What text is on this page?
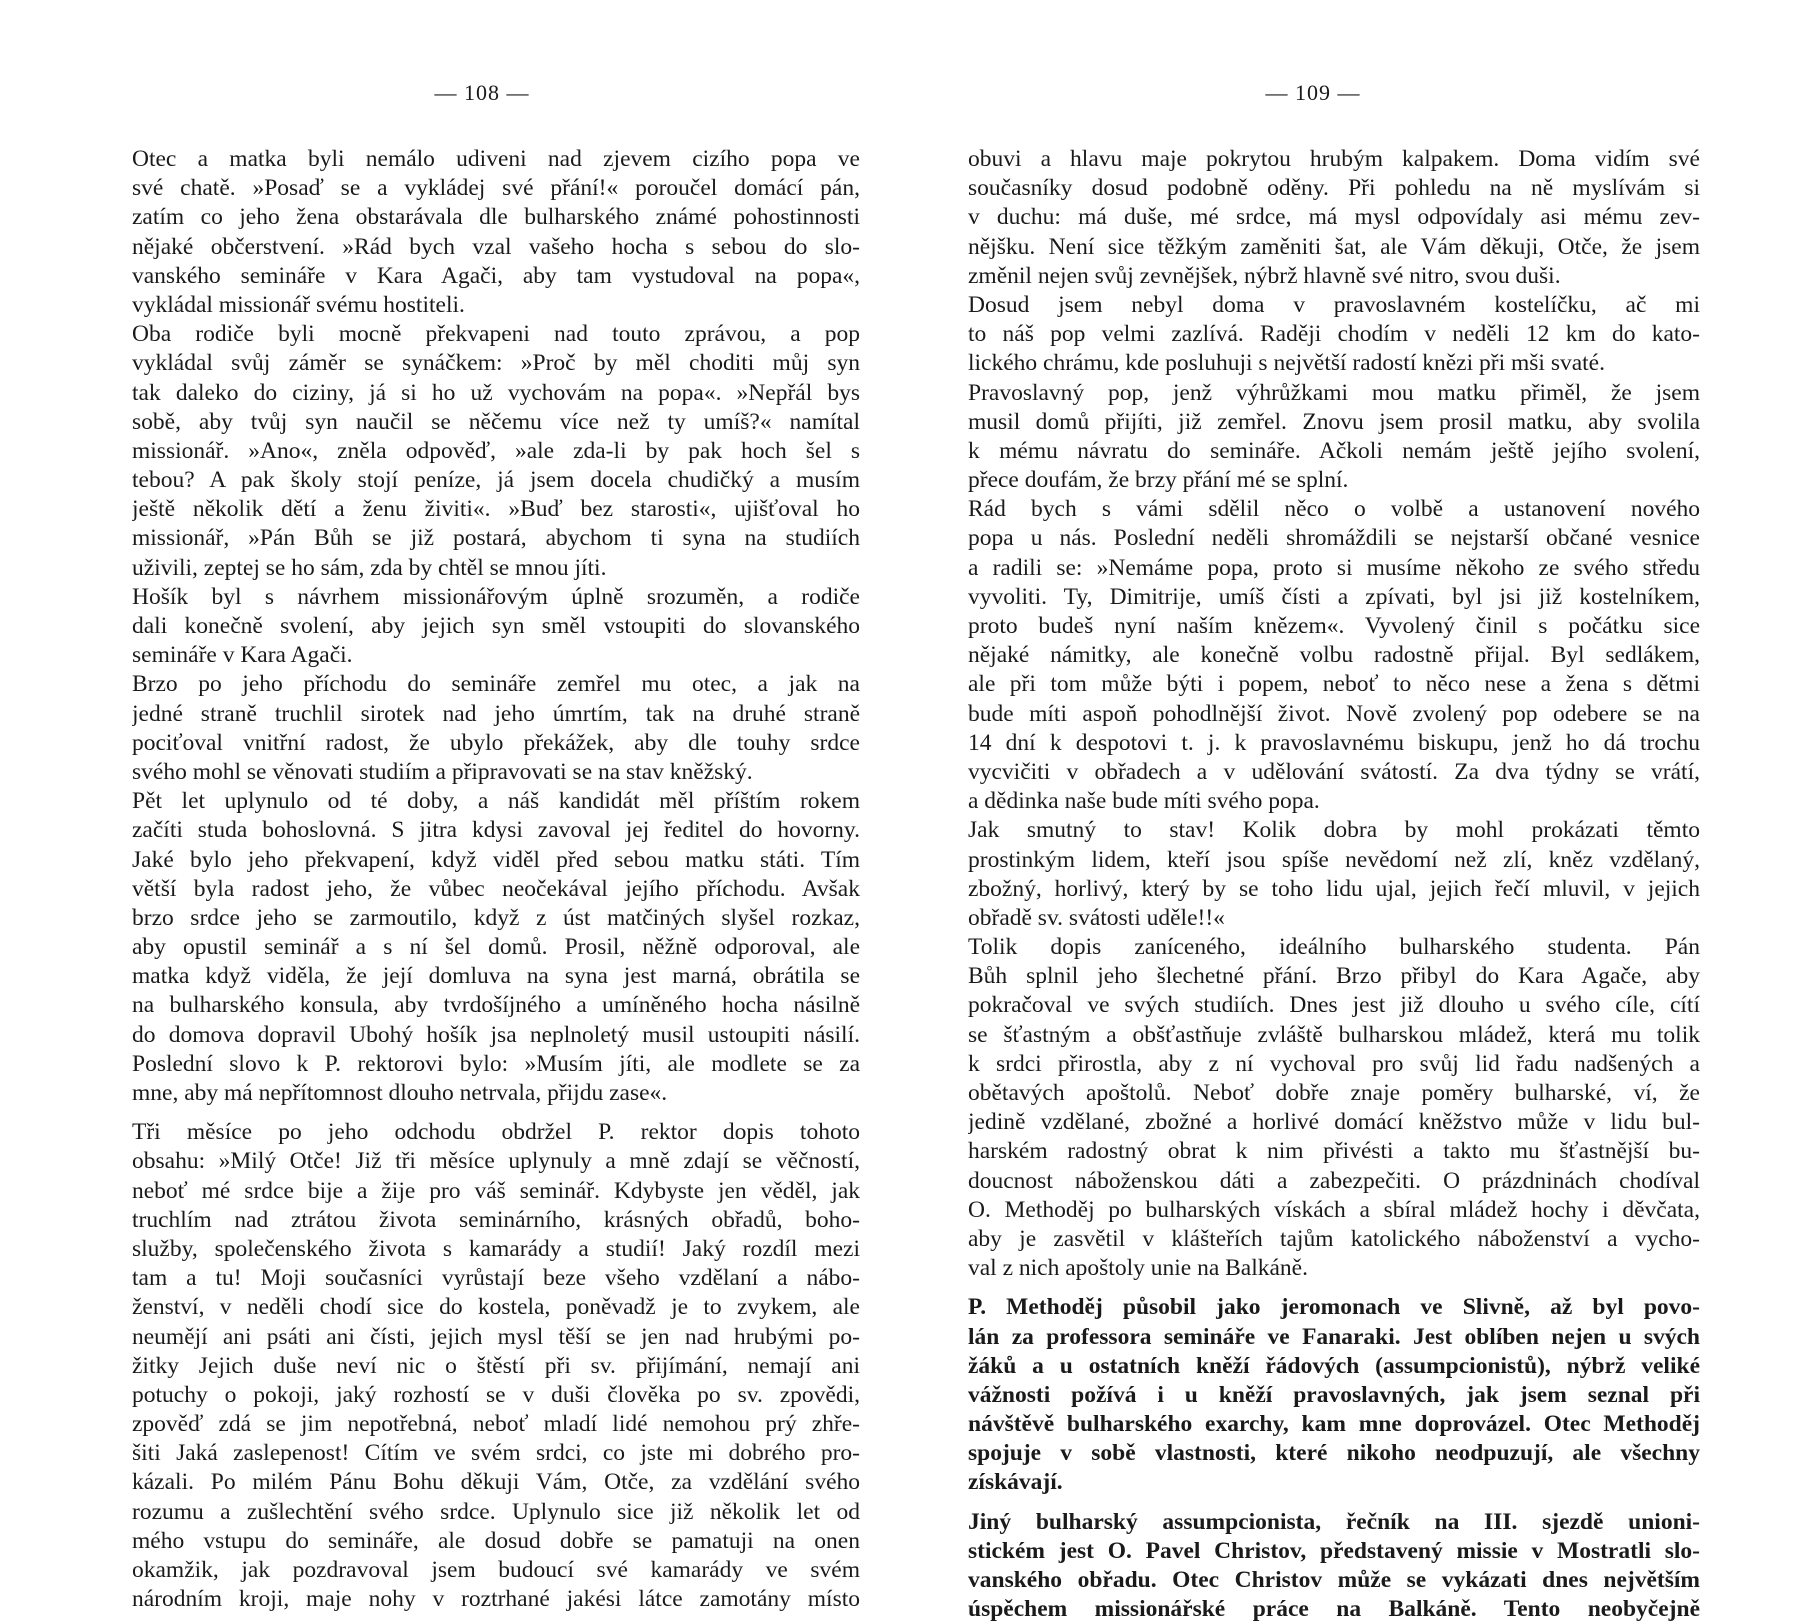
— 108 —
Otec a matka byli nemálo udiveni nad zjevem cizího popa ve
své chatě. »Posaď se a vykládej své přání!« poroučel domácí pán,
zatím co jeho žena obstarávala dle bulharského známé pohostinnosti
nějaké občerstvení. »Rád bych vzal vašeho hocha s sebou do slo-
vanského semináře v Kara Agači, aby tam vystudoval na popa«,
vykládal missionář svému hostiteli.
Oba rodiče byli mocně překvapeni nad touto zprávou, a pop
vykládal svůj záměr se synáčkem: »Proč by měl choditi můj syn
tak daleko do ciziny, já si ho už vychovám na popa«. »Nepřál bys
sobě, aby tvůj syn naučil se něčemu více než ty umíš?« namítal
missionář. »Ano«, zněla odpověď, »ale zda-li by pak hoch šel s
tebou? A pak školy stojí peníze, já jsem docela chudičký a musím
ještě několik dětí a ženu živiti«. »Buď bez starosti«, ujišťoval ho
missionář, »Pán Bůh se již postará, abychom ti syna na studiích
uživili, zeptej se ho sám, zda by chtěl se mnou jíti.
Hošík byl s návrhem missionářovým úplně srozuměn, a rodiče
dali konečně svolení, aby jejich syn směl vstoupiti do slovanského
semináře v Kara Agači.
Brzo po jeho příchodu do semináře zemřel mu otec, a jak na
jedné straně truchlil sirotek nad jeho úmrtím, tak na druhé straně
pociťoval vnitřní radost, že ubylo překážek, aby dle touhy srdce
svého mohl se věnovati studiím a připravovati se na stav kněžský.
Pět let uplynulo od té doby, a náš kandidát měl příštím rokem
začíti studa bohoslovná. S jitra kdysi zavoval jej ředitel do hovorny.
Jaké bylo jeho překvapení, když viděl před sebou matku státi. Tím
větší byla radost jeho, že vůbec neočekával jejího příchodu. Avšak
brzo srdce jeho se zarmoutilo, když z úst matčiných slyšel rozkaz,
aby opustil seminář a s ní šel domů. Prosil, něžně odporoval, ale
matka když viděla, že její domluva na syna jest marná, obrátila se
na bulharského konsula, aby tvrdošíjného a umíněného hocha násilně
do domova dopravil Ubohý hošík jsa neplnoletý musil ustoupiti násilí.
Poslední slovo k P. rektorovi bylo: »Musím jíti, ale modlete se za
mne, aby má nepřítomnost dlouho netrvala, přijdu zase«.
Tři měsíce po jeho odchodu obdržel P. rektor dopis tohoto
obsahu: »Milý Otče! Již tři měsíce uplynuly a mně zdají se věčností,
neboť mé srdce bije a žije pro váš seminář. Kdybyste jen věděl, jak
truchlím nad ztrátou života seminárního, krásných obřadů, boho-
služby, společenského života s kamarády a studií! Jaký rozdíl mezi
tam a tu! Moji současníci vyrůstají beze všeho vzdělaní a nábo-
ženství, v neděli chodí sice do kostela, poněvadž je to zvykem, ale
neumějí ani psáti ani čísti, jejich mysl těší se jen nad hrubými po-
žitky Jejich duše neví nic o štěstí při sv. přijímání, nemají ani
potuchy o pokoji, jaký rozhostí se v duši člověka po sv. zpovědi,
zpověď zdá se jim nepotřebná, neboť mladí lidé nemohou prý zhře-
šiti Jaká zaslepenost! Cítím ve svém srdci, co jste mi dobrého pro-
kázali. Po milém Pánu Bohu děkuji Vám, Otče, za vzdělání svého
rozumu a zušlechtění svého srdce. Uplynulo sice již několik let od
mého vstupu do semináře, ale dosud dobře se pamatuji na onen
okamžik, jak pozdravoval jsem budoucí své kamarády ve svém
národním kroji, maje nohy v roztrhané jakési látce zamotány místo
— 109 —
obuvi a hlavu maje pokrytou hrubým kalpakem. Doma vidím své
současníky dosud podobně oděny. Při pohledu na ně myslívám si
v duchu: má duše, mé srdce, má mysl odpovídaly asi mému zev-
nějšku. Není sice těžkým zaměniti šat, ale Vám děkuji, Otče, že jsem
změnil nejen svůj zevnějšek, nýbrž hlavně své nitro, svou duši.
Dosud jsem nebyl doma v pravoslavném kostelíčku, ač mi
to náš pop velmi zazlívá. Raději chodím v neděli 12 km do kato-
lického chrámu, kde posluhuji s největší radostí knězi při mši svaté.
Pravoslavný pop, jenž výhrůžkami mou matku přiměl, že jsem
musil domů přijíti, již zemřel. Znovu jsem prosil matku, aby svolila
k mému návratu do semináře. Ačkoli nemám ještě jejího svolení,
přece doufám, že brzy přání mé se splní.
Rád bych s vámi sdělil něco o volbě a ustanovení nového
popa u nás. Poslední neděli shromáždili se nejstarší občané vesnice
a radili se: »Nemáme popa, proto si musíme někoho ze svého středu
vyvoliti. Ty, Dimitrije, umíš čísti a zpívati, byl jsi již kostelníkem,
proto budeš nyní naším knězem«. Vyvolený činil s počátku sice
nějaké námitky, ale konečně volbu radostně přijal. Byl sedlákem,
ale při tom může býti i popem, neboť to něco nese a žena s dětmi
bude míti aspoň pohodlnější život. Nově zvolený pop odebere se na
14 dní k despotovi t. j. k pravoslavnému biskupu, jenž ho dá trochu
vycvičiti v obřadech a v udělování svátostí. Za dva týdny se vrátí,
a dědinka naše bude míti svého popa.
Jak smutný to stav! Kolik dobra by mohl prokázati těmto
prostinkým lidem, kteří jsou spíše nevědomí než zlí, kněz vzdělaný,
zbožný, horlivý, který by se toho lidu ujal, jejich řečí mluvil, v jejich
obřadě sv. svátosti uděle!!«
Tolik dopis zaníceného, ideálního bulharského studenta. Pán
Bůh splnil jeho šlechetné přání. Brzo přibyl do Kara Agače, aby
pokračoval ve svých studiích. Dnes jest již dlouho u svého cíle, cítí
se šťastným a obšťastňuje zvláště bulharskou mládež, která mu tolik
k srdci přirostla, aby z ní vychoval pro svůj lid řadu nadšených a
obětavých apoštolů. Neboť dobře znaje poměry bulharské, ví, že
jedině vzdělané, zbožné a horlivé domácí kněžstvo může v lidu bul-
harském radostný obrat k nim přivésti a takto mu šťastnější bu-
doucnost náboženskou dáti a zabezpečiti. O prázdninách chodíval
O. Methoděj po bulharských vískách a sbíral mládež hochy i děvčata,
aby je zasvětil v klášteřích tajům katolického náboženství a vycho-
val z nich apoštoly unie na Balkáně.
P. Methoděj působil jako jeromonach ve Slivně, až byl povo-
lán za professora semináře ve Fanaraki. Jest oblíben nejen u svých
žáků a u ostatních kněží řádových (assumpcionistů), nýbrž veliké
vážnosti požívá i u kněží pravoslavných, jak jsem seznal při
návštěvě bulharského exarchy, kam mne doprovázel. Otec Methoděj
spojuje v sobě vlastnosti, které nikoho neodpuzují, ale všechny
získávají.
Jiný bulharský assumpcionista, řečník na III. sjezdě unioni-
stickém jest O. Pavel Christov, představený missie v Mostratli slo-
vanského obřadu. Otec Christov může se vykázati dnes největším
úspěchem missionářské práce na Balkáně. Tento neobyčejně
